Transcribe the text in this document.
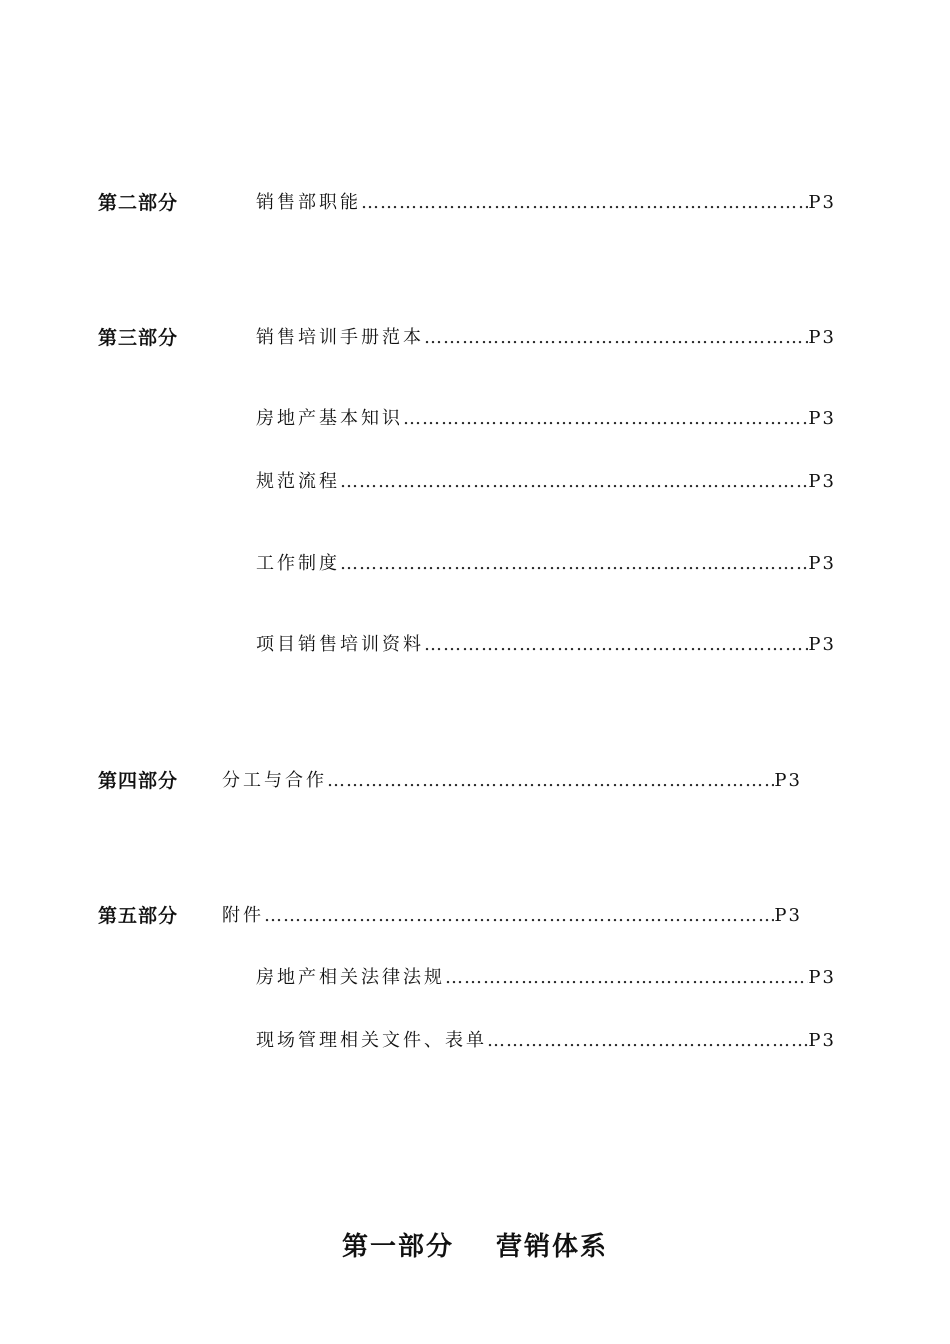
第二部分	销售部职能 …………………………………………………………………………………………………………………………………………………………………………………………	P3
第三部分	销售培训手册范本 …………………………………………………………………………………………………………………………………………………………………………………………	P3
房地产基本知识 …………………………………………………………………………………………………………………………………………………………………………………………	P3
规范流程 …………………………………………………………………………………………………………………………………………………………………………………………	P3
工作制度 …………………………………………………………………………………………………………………………………………………………………………………………	P3
项目销售培训资料 …………………………………………………………………………………………………………………………………………………………………………………………	P3
第四部分 分工与合作 …………………………………………………………………………………………………………………………………………………………………………………………	P3
第五部分 附件 …………………………………………………………………………………………………………………………………………………………………………………………	P3
房地产相关法律法规 …………………………………………………………………………………………………………………………………………………………………………………………	P3
现场管理相关文件、表单 …………………………………………………………………………………………………………………………………………………………………………………………	P3
第一部分 营销体系
